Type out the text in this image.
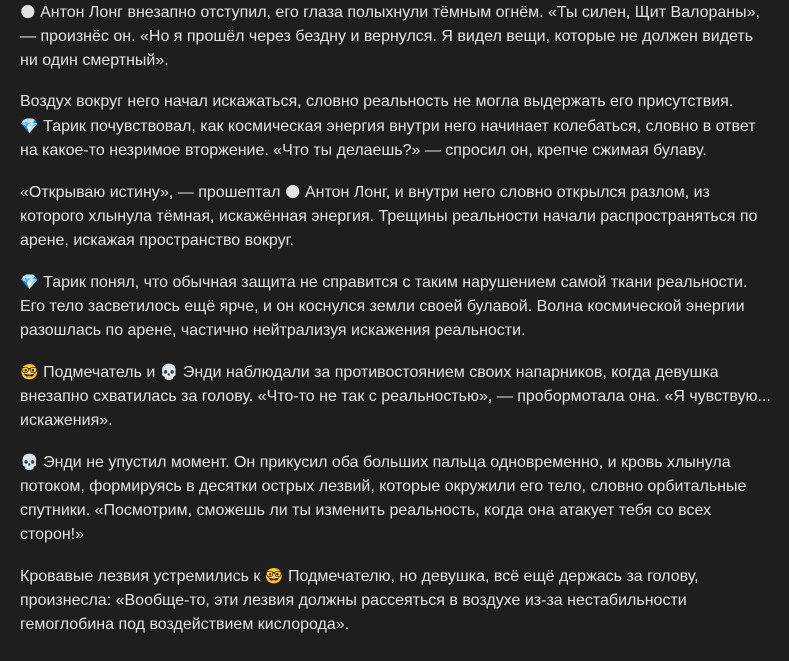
🌑 Антон Лонг внезапно отступил, его глаза полыхнули тёмным огнём. «Ты силен, Щит Валораны», — произнёс он. «Но я прошёл через бездну и вернулся. Я видел вещи, которые не должен видеть ни один смертный».

Воздух вокруг него начал искажаться, словно реальность не могла выдержать его присутствия.
💎 Тарик почувствовал, как космическая энергия внутри него начинает колебаться, словно в ответ на какое-то незримое вторжение. «Что ты делаешь?» — спросил он, крепче сжимая булаву.

«Открываю истину», — прошептал 🌑 Антон Лонг, и внутри него словно открылся разлом, из которого хлынула тёмная, искажённая энергия. Трещины реальности начали распространяться по арене, искажая пространство вокруг.

💎 Тарик понял, что обычная защита не справится с таким нарушением самой ткани реальности. Его тело засветилось ещё ярче, и он коснулся земли своей булавой. Волна космической энергии разошлась по арене, частично нейтрализуя искажения реальности.

🤓 Подмечатель и 💀 Энди наблюдали за противостоянием своих напарников, когда девушка внезапно схватилась за голову. «Что-то не так с реальностью», — пробормотала она. «Я чувствую... искажения».

💀 Энди не упустил момент. Он прикусил оба больших пальца одновременно, и кровь хлынула потоком, формируясь в десятки острых лезвий, которые окружили его тело, словно орбитальные спутники. «Посмотрим, сможешь ли ты изменить реальность, когда она атакует тебя со всех сторон!»

Кровавые лезвия устремились к 🤓 Подмечателю, но девушка, всё ещё держась за голову, произнесла: «Вообще-то, эти лезвия должны рассеяться в воздухе из-за нестабильности гемоглобина под воздействием кислорода».
